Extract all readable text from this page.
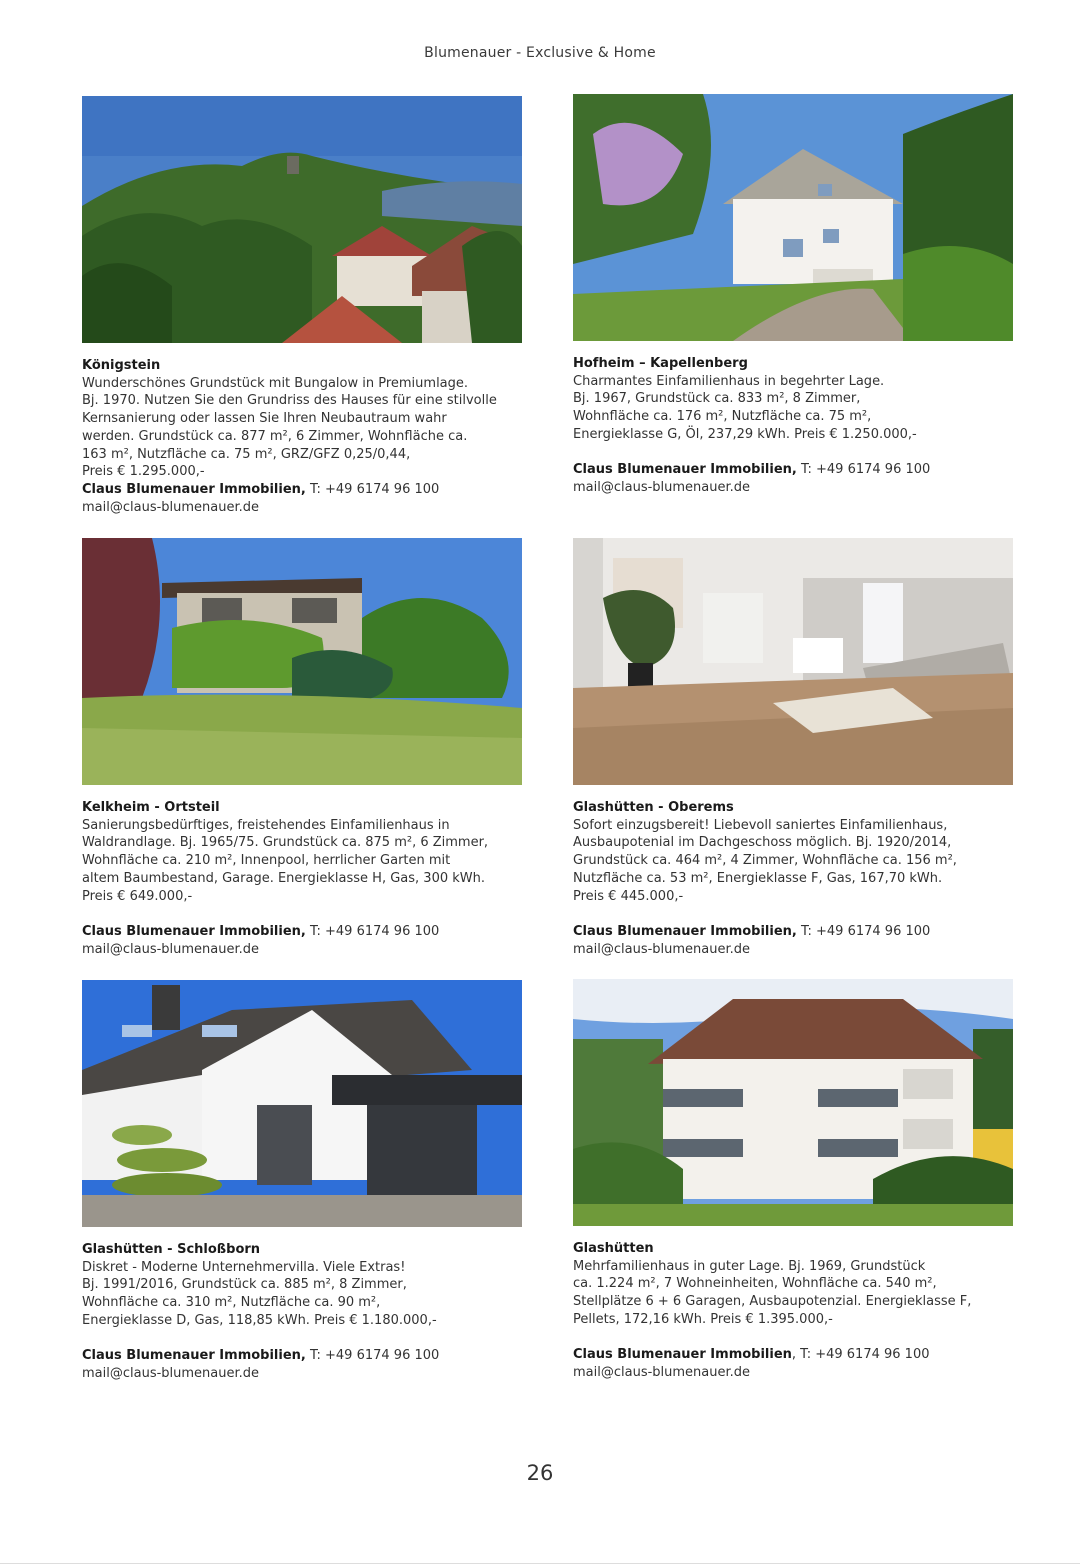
Blumenauer - Exclusive & Home
Königstein
Wunderschönes Grundstück mit Bungalow in Premiumlage.
Bj. 1970. Nutzen Sie den Grundriss des Hauses für eine stilvolle
Kernsanierung oder lassen Sie Ihren Neubautraum wahr
werden. Grundstück ca. 877 m², 6 Zimmer, Wohnfläche ca.
163 m², Nutzfläche ca. 75 m², GRZ/GFZ 0,25/0,44,
Preis € 1.295.000,-
Claus Blumenauer Immobilien, T: +49 6174 96 100
mail@claus-blumenauer.de
Hofheim – Kapellenberg
Charmantes Einfamilienhaus in begehrter Lage.
Bj. 1967, Grundstück ca. 833 m², 8 Zimmer,
Wohnfläche ca. 176 m², Nutzfläche ca. 75 m²,
Energieklasse G, Öl, 237,29 kWh. Preis € 1.250.000,-
Claus Blumenauer Immobilien, T: +49 6174 96 100
mail@claus-blumenauer.de
Kelkheim - Ortsteil
Sanierungsbedürftiges, freistehendes Einfamilienhaus in
Waldrandlage. Bj. 1965/75. Grundstück ca. 875 m², 6 Zimmer,
Wohnfläche ca. 210 m², Innenpool, herrlicher Garten mit
altem Baumbestand, Garage. Energieklasse H, Gas, 300 kWh.
Preis € 649.000,-
Claus Blumenauer Immobilien, T: +49 6174 96 100
mail@claus-blumenauer.de
Glashütten - Oberems
Sofort einzugsbereit! Liebevoll saniertes Einfamilienhaus,
Ausbaupotenial im Dachgeschoss möglich. Bj. 1920/2014,
Grundstück ca. 464 m², 4 Zimmer, Wohnfläche ca. 156 m²,
Nutzfläche ca. 53 m², Energieklasse F, Gas, 167,70 kWh.
Preis € 445.000,-
Claus Blumenauer Immobilien, T: +49 6174 96 100
mail@claus-blumenauer.de
Glashütten - Schloßborn
Diskret - Moderne Unternehmervilla. Viele Extras!
Bj. 1991/2016, Grundstück ca. 885 m², 8 Zimmer,
Wohnfläche ca. 310 m², Nutzfläche ca. 90 m²,
Energieklasse D, Gas, 118,85 kWh. Preis € 1.180.000,-
Claus Blumenauer Immobilien, T: +49 6174 96 100
mail@claus-blumenauer.de
Glashütten
Mehrfamilienhaus in guter Lage. Bj. 1969, Grundstück
ca. 1.224 m², 7 Wohneinheiten, Wohnfläche ca. 540 m²,
Stellplätze 6 + 6 Garagen, Ausbaupotenzial. Energieklasse F,
Pellets, 172,16 kWh. Preis € 1.395.000,-
Claus Blumenauer Immobilien, T: +49 6174 96 100
mail@claus-blumenauer.de
26
